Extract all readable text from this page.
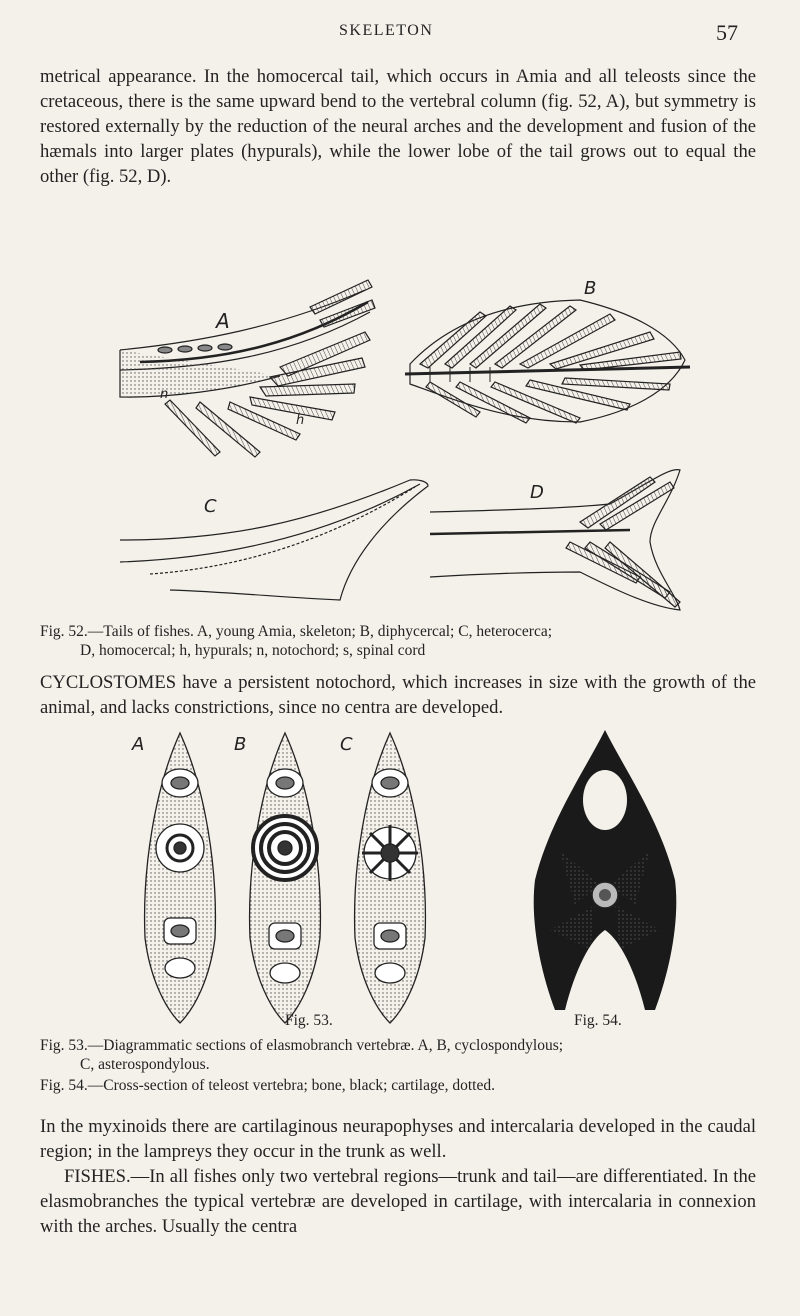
SKELETON	57

metrical appearance. In the homocercal tail, which occurs in Amia and all teleosts since the cretaceous, there is the same upward bend to the vertebral column (fig. 52, A), but symmetry is restored externally by the reduction of the neural arches and the development and fusion of the hæmals into larger plates (hypurals), while the lower lobe of the tail grows out to equal the other (fig. 52, D).

A
B
C
D
n
h

Fig. 52.—Tails of fishes. A, young Amia, skeleton; B, diphycercal; C, heterocerca;

D, homocercal; h, hypurals; n, notochord; s, spinal cord

CYCLOSTOMES have a persistent notochord, which increases in size with the growth of the animal, and lacks constrictions, since no centra are developed.

A	B	C
Fig. 53.	Fig. 54.

Fig. 53.—Diagrammatic sections of elasmobranch vertebræ. A, B, cyclospondylous;

C, asterospondylous.

Fig. 54.—Cross-section of teleost vertebra; bone, black; cartilage, dotted.

In the myxinoids there are cartilaginous neurapophyses and intercalaria developed in the caudal region; in the lampreys they occur in the trunk as well.

FISHES.—In all fishes only two vertebral regions—trunk and tail—are differentiated. In the elasmobranches the typical vertebræ are developed in cartilage, with intercalaria in connexion with the arches. Usually the centra
